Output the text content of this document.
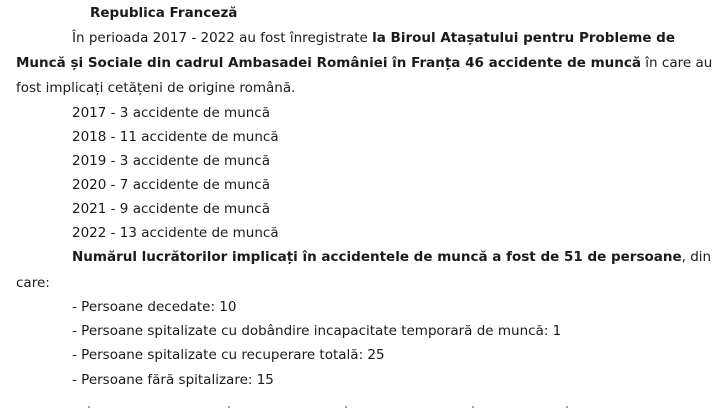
Republica Franceză
În perioada 2017 - 2022 au fost înregistrate la Biroul Atașatului pentru Probleme de
Muncă și Sociale din cadrul Ambasadei României în Franța 46 accidente de muncă în care au
fost implicați cetățeni de origine română.
2017 - 3 accidente de muncă
2018 - 11 accidente de muncă
2019 - 3 accidente de muncă
2020 - 7 accidente de muncă
2021 - 9 accidente de muncă
2022 - 13 accidente de muncă
Numărul lucrătorilor implicați în accidentele de muncă a fost de 51 de persoane, din
care:
- Persoane decedate: 10
- Persoane spitalizate cu dobândire incapacitate temporară de muncă: 1
- Persoane spitalizate cu recuperare totală: 25
- Persoane fără spitalizare: 15
